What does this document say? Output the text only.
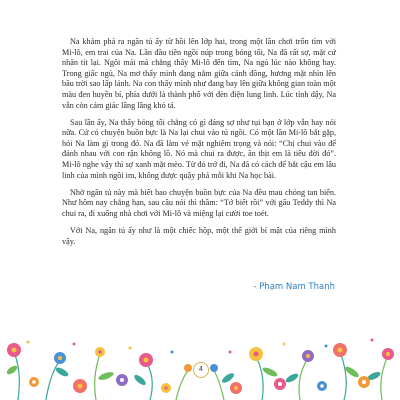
Na khám phá ra ngăn tủ ấy từ hồi lên lớp hai, trong một lần chơi trốn tìm với Mi-lô, em trai của Na. Lần đầu tiên ngồi núp trong bóng tối, Na đã rất sợ, mặt cứ nhăn tít lại. Ngôi mái mà chẳng thấy Mi-lô đến tìm, Na ngủ lúc nào không hay. Trong giấc ngủ, Na mơ thấy mình đang nằm giữa cánh đồng, hương mặt nhìn lên bầu trời sao lấp lánh. Na con thấy mình như đang bay lên giữa không gian toàn một màu đen huyền bí, phía dưới là thành phố với đèn điện lung linh. Lúc tỉnh dậy, Na vẫn còn cảm giác lâng lâng khó tả.

Sau lần ấy, Na thấy bóng tối chẳng có gì đáng sợ như tụi bạn ở lớp vẫn hay nói nữa. Cứ có chuyện buồn bực là Na lại chui vào tủ ngồi. Có một lần Mi-lô bắt gặp, hỏi Na làm gì trong đó. Na đã làm vẻ mặt nghiêm trọng và nói: “Chị chui vào để đánh nhau với con rận không lồ. Nó mà chui ra được, ăn thịt em là tiêu đời đó”. Mi-lô nghe vậy thì sợ xanh mặt mèo. Từ đó trở đi, Na đã có cách để bắt cậu em lâu linh của mình ngồi im, không được quậy phá mỗi khi Na học bài.

Nhờ ngăn tủ này mà biết bao chuyện buồn bực của Na đều mau chóng tan biến. Như hôm nay chẳng hạn, sau câu nói thì thầm: “Tớ biết rồi” với gấu Teddy thì Na chui ra, đi xuống nhà chơi với Mi-lô và miệng lại cười toe toét.

Với Na, ngăn tủ ấy như là một chiếc hộp, một thế giới bí mật của riêng mình vậy.

- Phạm Nam Thanh
4
